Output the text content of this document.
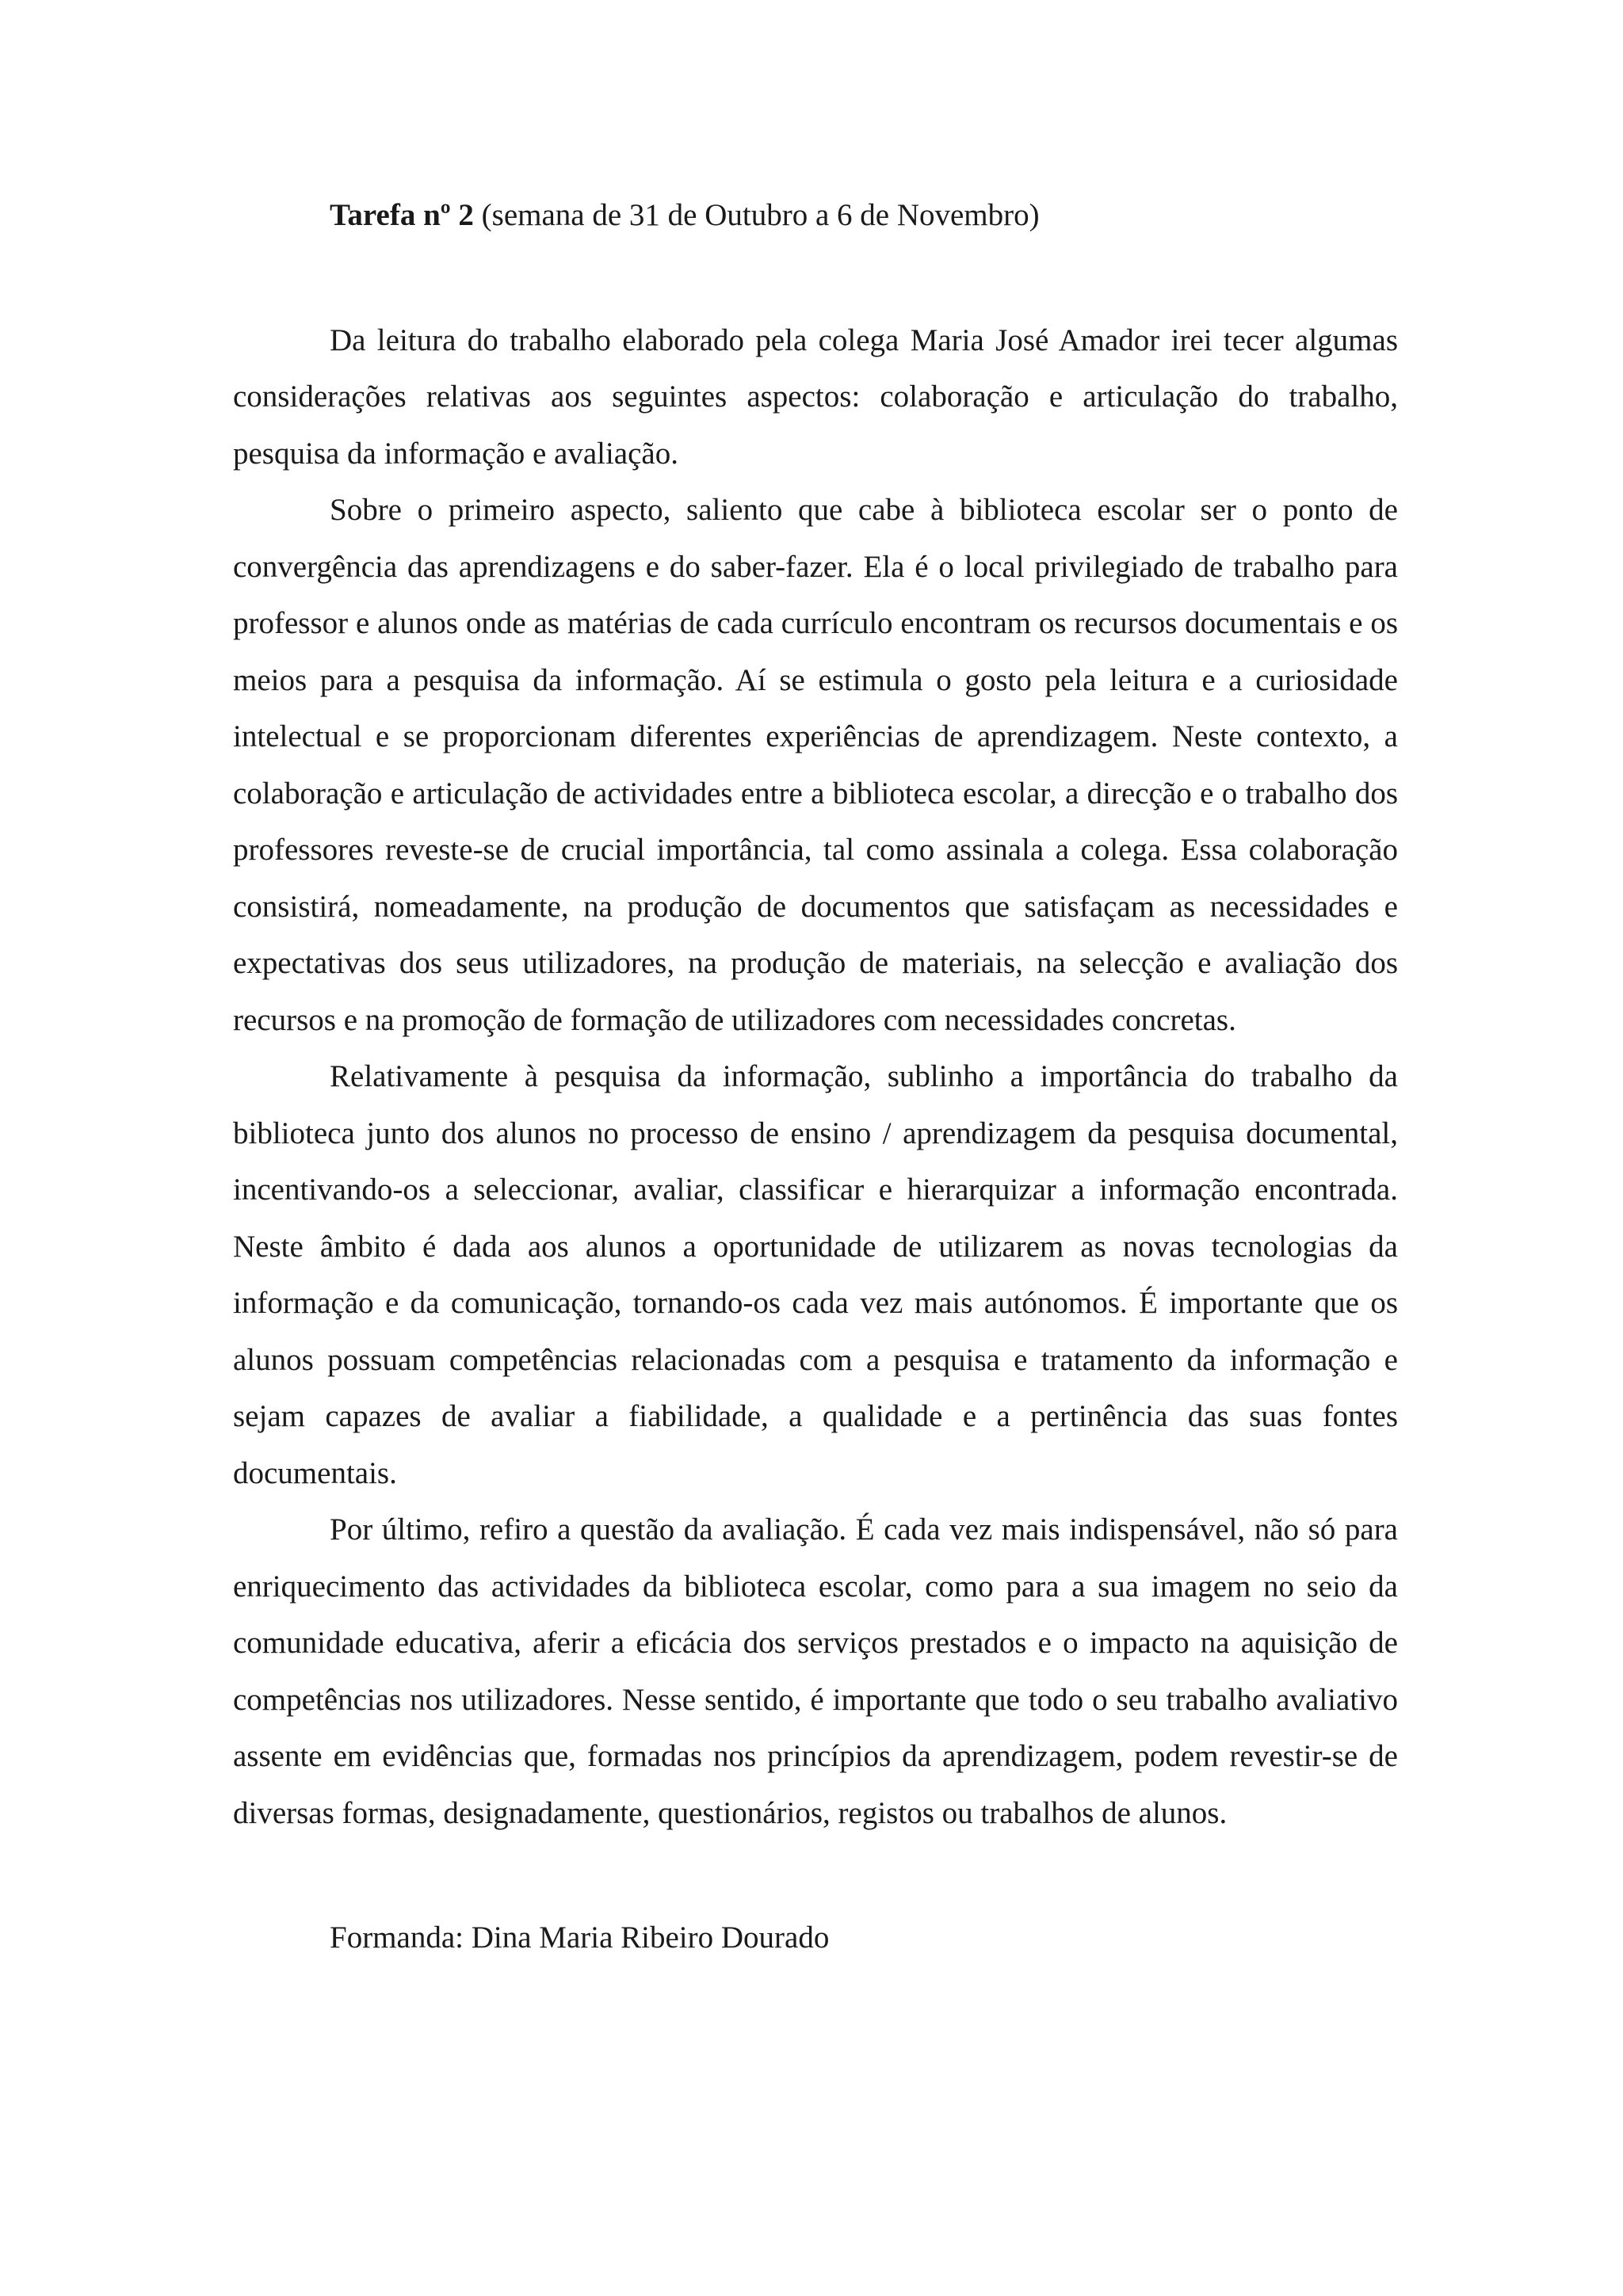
Tarefa nº 2 (semana de 31 de Outubro a 6 de Novembro)

Da leitura do trabalho elaborado pela colega Maria José Amador irei tecer algumas considerações relativas aos seguintes aspectos: colaboração e articulação do trabalho, pesquisa da informação e avaliação.

Sobre o primeiro aspecto, saliento que cabe à biblioteca escolar ser o ponto de convergência das aprendizagens e do saber-fazer. Ela é o local privilegiado de trabalho para professor e alunos onde as matérias de cada currículo encontram os recursos documentais e os meios para a pesquisa da informação. Aí se estimula o gosto pela leitura e a curiosidade intelectual e se proporcionam diferentes experiências de aprendizagem. Neste contexto, a colaboração e articulação de actividades entre a biblioteca escolar, a direcção e o trabalho dos professores reveste-se de crucial importância, tal como assinala a colega. Essa colaboração consistirá, nomeadamente, na produção de documentos que satisfaçam as necessidades e expectativas dos seus utilizadores, na produção de materiais, na selecção e avaliação dos recursos e na promoção de formação de utilizadores com necessidades concretas.

Relativamente à pesquisa da informação, sublinho a importância do trabalho da biblioteca junto dos alunos no processo de ensino / aprendizagem da pesquisa documental, incentivando-os a seleccionar, avaliar, classificar e hierarquizar a informação encontrada. Neste âmbito é dada aos alunos a oportunidade de utilizarem as novas tecnologias da informação e da comunicação, tornando-os cada vez mais autónomos. É importante que os alunos possuam competências relacionadas com a pesquisa e tratamento da informação e sejam capazes de avaliar a fiabilidade, a qualidade e a pertinência das suas fontes documentais.

Por último, refiro a questão da avaliação. É cada vez mais indispensável, não só para enriquecimento das actividades da biblioteca escolar, como para a sua imagem no seio da comunidade educativa, aferir a eficácia dos serviços prestados e o impacto na aquisição de competências nos utilizadores. Nesse sentido, é importante que todo o seu trabalho avaliativo assente em evidências que, formadas nos princípios da aprendizagem, podem revestir-se de diversas formas, designadamente, questionários, registos ou trabalhos de alunos.

Formanda: Dina Maria Ribeiro Dourado
